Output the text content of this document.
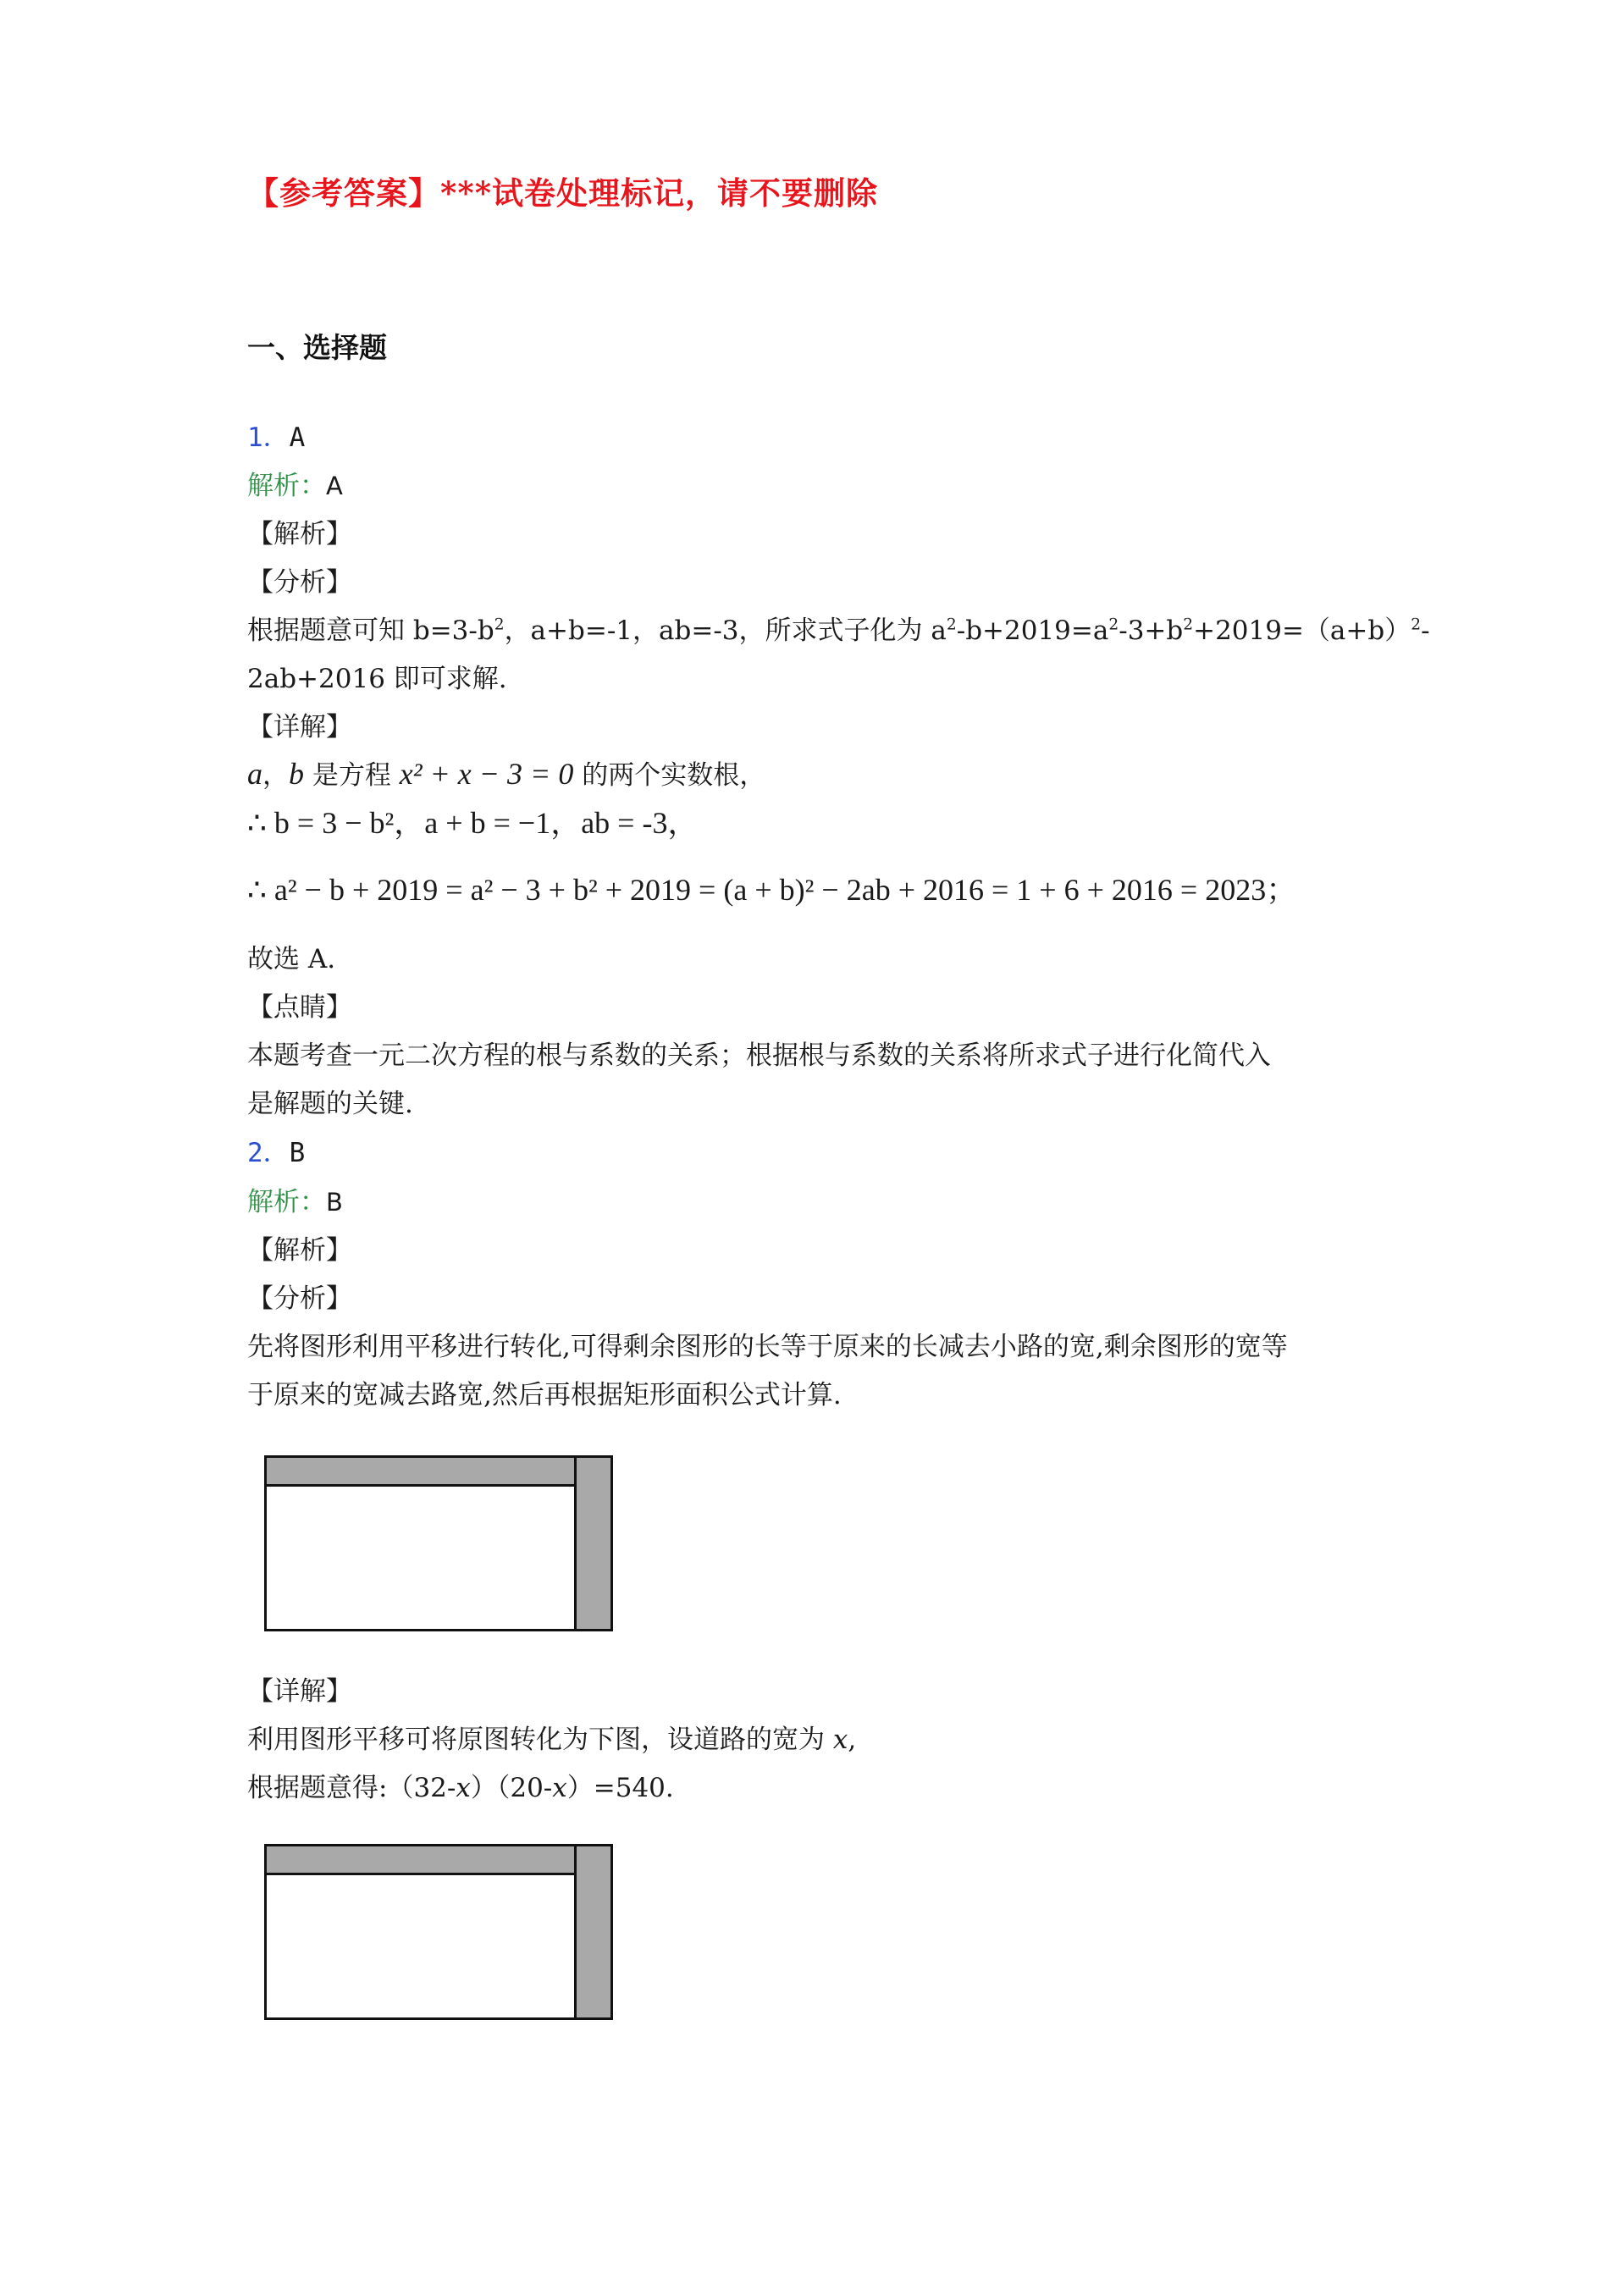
【参考答案】***试卷处理标记，请不要删除
一、选择题
1．A
解析：A
【解析】
【分析】
根据题意可知 $b=3-b^2$，a+b=-1，ab=-3，所求式子化为 $a^2-b+2019=a^2-3+b^2+2019=(a+b)^2-$
2ab+2016 即可求解.
【详解】
a，b 是方程 x² + x − 3 = 0 的两个实数根，
∴ b = 3 − b²，a + b = −1，ab = -3，
∴ a² − b + 2019 = a² − 3 + b² + 2019 = (a + b)² − 2ab + 2016 = 1 + 6 + 2016 = 2023；
故选 A.
【点睛】
本题考查一元二次方程的根与系数的关系；根据根与系数的关系将所求式子进行化简代入
是解题的关键.
2．B
解析：B
【解析】
【分析】
先将图形利用平移进行转化,可得剩余图形的长等于原来的长减去小路的宽,剩余图形的宽等
于原来的宽减去路宽,然后再根据矩形面积公式计算.
【详解】
利用图形平移可将原图转化为下图，设道路的宽为 x,
根据题意得:（32-x）（20-x）=540.
